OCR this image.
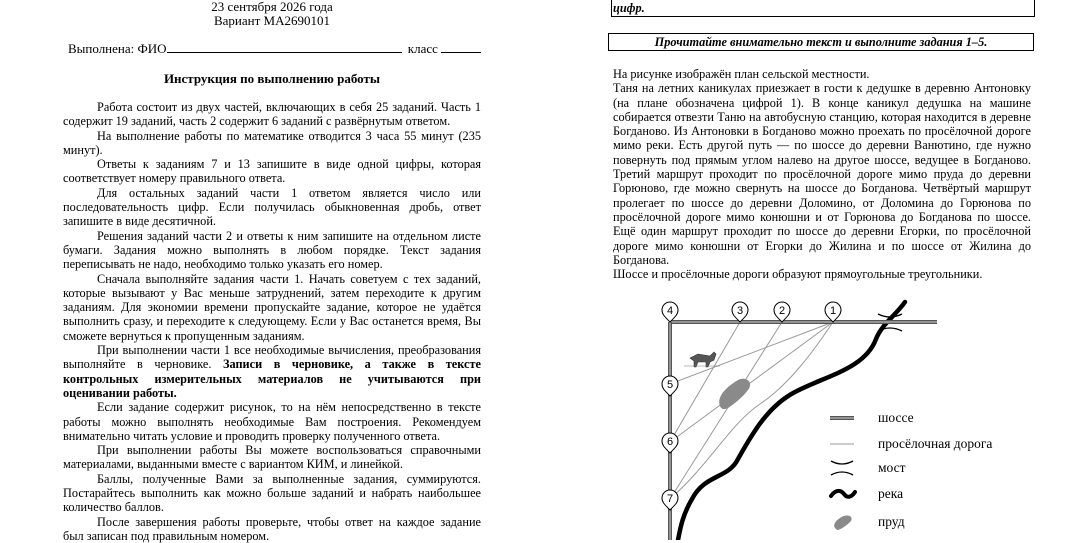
23 сентября 2026 года
Вариант МА2690101
Выполнена: ФИО	класс
Инструкция по выполнению работы

Работа состоит из двух частей, включающих в себя 25 заданий. Часть 1 содержит 19 заданий, часть 2 содержит 6 заданий с развёрнутым ответом.

На выполнение работы по математике отводится 3 часа 55 минут (235 минут).

Ответы к заданиям 7 и 13 запишите в виде одной цифры, которая соответствует номеру правильного ответа.

Для остальных заданий части 1 ответом является число или последовательность цифр. Если получилась обыкновенная дробь, ответ запишите в виде десятичной.

Решения заданий части 2 и ответы к ним запишите на отдельном листе бумаги. Задания можно выполнять в любом порядке. Текст задания переписывать не надо, необходимо только указать его номер.

Сначала выполняйте задания части 1. Начать советуем с тех заданий, которые вызывают у Вас меньше затруднений, затем переходите к другим заданиям. Для экономии времени пропускайте задание, которое не удаётся выполнить сразу, и переходите к следующему. Если у Вас останется время, Вы сможете вернуться к пропущенным заданиям.

При выполнении части 1 все необходимые вычисления, преобразования выполняйте в черновике. Записи в черновике, а также в тексте контрольных измерительных материалов не учитываются при оценивании работы.

Если задание содержит рисунок, то на нём непосредственно в тексте работы можно выполнять необходимые Вам построения. Рекомендуем внимательно читать условие и проводить проверку полученного ответа.

При выполнении работы Вы можете воспользоваться справочными материалами, выданными вместе с вариантом КИМ, и линейкой.

Баллы, полученные Вами за выполненные задания, суммируются. Постарайтесь выполнить как можно больше заданий и набрать наибольшее количество баллов.

После завершения работы проверьте, чтобы ответ на каждое задание был записан под правильным номером.

цифр.
Прочитайте внимательно текст и выполните задания 1–5.

На рисунке изображён план сельской местности.

Таня на летних каникулах приезжает в гости к дедушке в деревню Антоновку (на плане обозначена цифрой 1). В конце каникул дедушка на машине собирается отвезти Таню на автобусную станцию, которая находится в деревне Богданово. Из Антоновки в Богданово можно проехать по просёлочной дороге мимо реки. Есть другой путь — по шоссе до деревни Ванютино, где нужно повернуть под прямым углом налево на другое шоссе, ведущее в Богданово. Третий маршрут проходит по просёлочной дороге мимо пруда до деревни Горюново, где можно свернуть на шоссе до Богданова. Четвёртый маршрут пролегает по шоссе до деревни Доломино, от Доломина до Горюнова по просёлочной дороге мимо конюшни и от Горюнова до Богданова по шоссе. Ещё один маршрут проходит по шоссе до деревни Егорки, по просёлочной дороге мимо конюшни от Егорки до Жилина и по шоссе от Жилина до Богданова.

Шоссе и просёлочные дороги образуют прямоугольные треугольники.

4	3	2	1
5
6
7
шоссе
просёлочная дорога
мост
река
пруд
